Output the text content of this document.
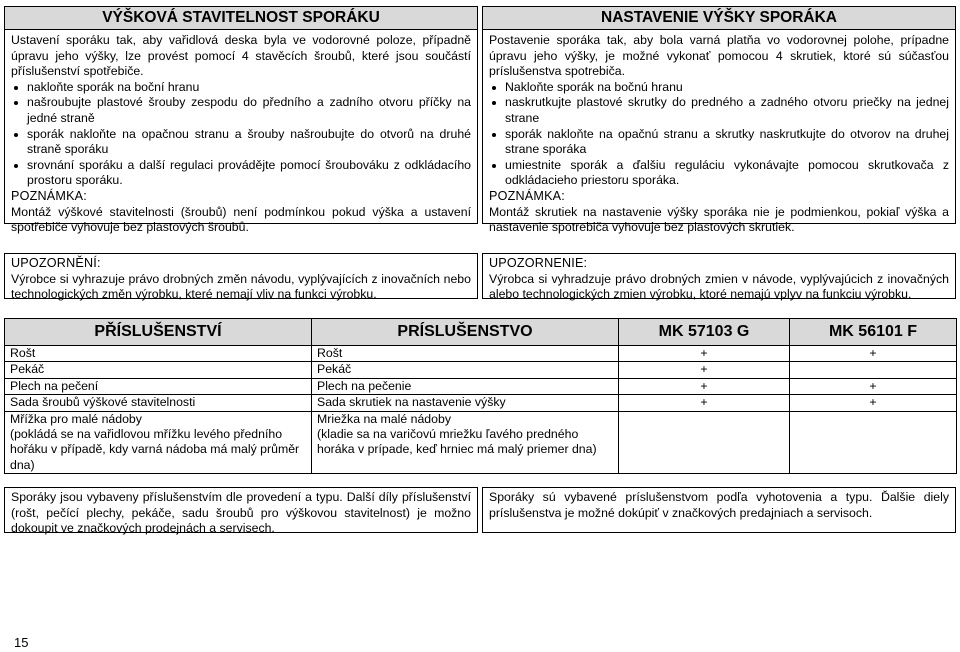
VÝŠKOVÁ STAVITELNOST SPORÁKU

Ustavení sporáku tak, aby vařidlová deska byla ve vodorovné poloze, případně úpravu jeho výšky, lze provést pomocí 4 stavěcích šroubů, které jsou součástí příslušenství spotřebiče.

nakloňte sporák na boční hranu
našroubujte plastové šrouby zespodu do předního a zadního otvoru příčky na jedné straně
sporák nakloňte na opačnou stranu a šrouby našroubujte do otvorů na druhé straně sporáku
srovnání sporáku a další regulaci provádějte pomocí šroubováku z odkládacího prostoru sporáku.

POZNÁMKA:

Montáž výškové stavitelnosti (šroubů) není podmínkou pokud výška a ustavení spotřebiče vyhovuje bez plastových šroubů.

NASTAVENIE VÝŠKY SPORÁKA

Postavenie sporáka tak, aby bola varná platňa vo vodorovnej polohe, prípadne úpravu jeho výšky, je možné vykonať pomocou 4 skrutiek, ktoré sú súčasťou príslušenstva spotrebiča.

Nakloňte sporák na bočnú hranu
naskrutkujte plastové skrutky do predného a zadného otvoru priečky na jednej strane
sporák nakloňte na opačnú stranu a skrutky naskrutkujte do otvorov na druhej strane sporáka
umiestnite sporák a ďalšiu reguláciu vykonávajte pomocou skrutkovača z odkládacieho priestoru sporáka.

POZNÁMKA:

Montáž skrutiek na nastavenie výšky sporáka nie je podmienkou, pokiaľ výška a nastavenie spotrebiča vyhovuje bez plastových skrutiek.

UPOZORNĚNÍ:
Výrobce si vyhrazuje právo drobných změn návodu, vyplývajících z inovačních nebo technologických změn výrobku, které nemají vliv na funkci výrobku.
UPOZORNENIE:
Výrobca si vyhradzuje právo drobných zmien v návode, vyplývajúcich z inovačných alebo technologických zmien výrobku, ktoré nemajú vplyv na funkciu výrobku.
PŘÍSLUŠENSTVÍ	PRÍSLUŠENSTVO	MK 57103 G	MK 56101 F
Rošt	Rošt	+	+
Pekáč	Pekáč	+	
Plech na pečení	Plech na pečenie	+	+
Sada šroubů výškové stavitelnosti	Sada skrutiek na nastavenie výšky	+	+
Mřížka pro malé nádoby
(pokládá se na vařidlovou mřížku levého předního hořáku v případě, kdy varná nádoba má malý průměr dna)	Mriežka na malé nádoby
(kladie sa na varičovú mriežku ľavého predného horáka v prípade, keď hrniec má malý priemer dna)		
Sporáky jsou vybaveny příslušenstvím dle provedení a typu. Další díly příslušenství (rošt, pečící plechy, pekáče, sadu šroubů pro výškovou stavitelnost) je možno dokoupit ve značkových prodejnách a servisech.
Sporáky sú vybavené príslušenstvom podľa vyhotovenia a typu. Ďalšie diely príslušenstva je možné dokúpiť v značkových predajniach a servisoch.
15
